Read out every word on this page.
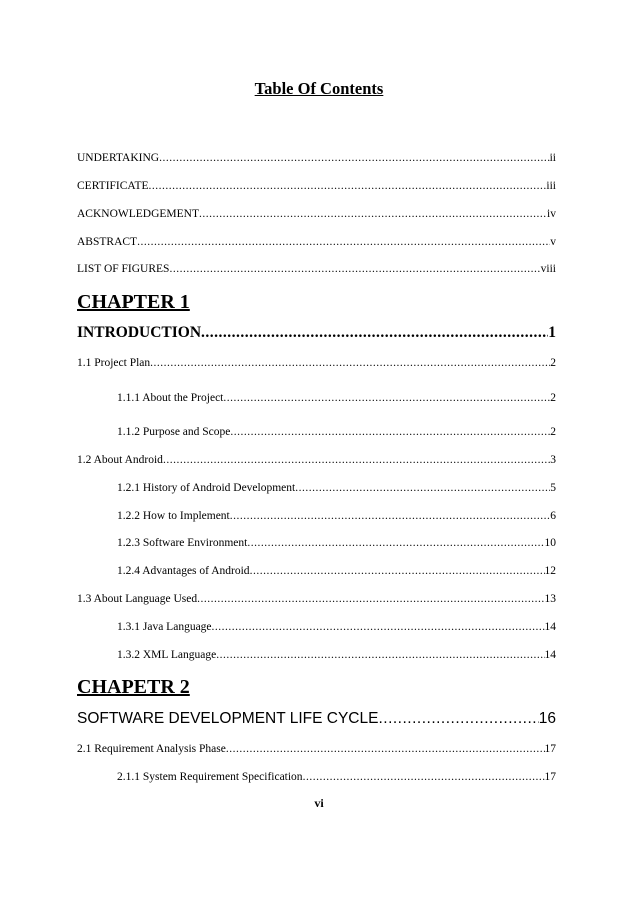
Table Of Contents
UNDERTAKING .....	ii
CERTIFICATE .....	iii
ACKNOWLEDGEMENT .....	iv
ABSTRACT .....	v
LIST OF FIGURES .....	viii
CHAPTER 1
INTRODUCTION .....	1
1.1 Project Plan .....	2
1.1.1 About the Project .....	2
1.1.2 Purpose and Scope .....	2
1.2 About Android .....	3
1.2.1 History of Android Development .....	5
1.2.2 How to Implement .....	6
1.2.3 Software Environment .....	10
1.2.4 Advantages of Android .....	12
1.3 About Language Used .....	13
1.3.1 Java Language .....	14
1.3.2 XML Language .....	14
CHAPETR 2
SOFTWARE DEVELOPMENT LIFE CYCLE .....	16
2.1 Requirement Analysis Phase .....	17
2.1.1 System Requirement Specification .....	17
vi
